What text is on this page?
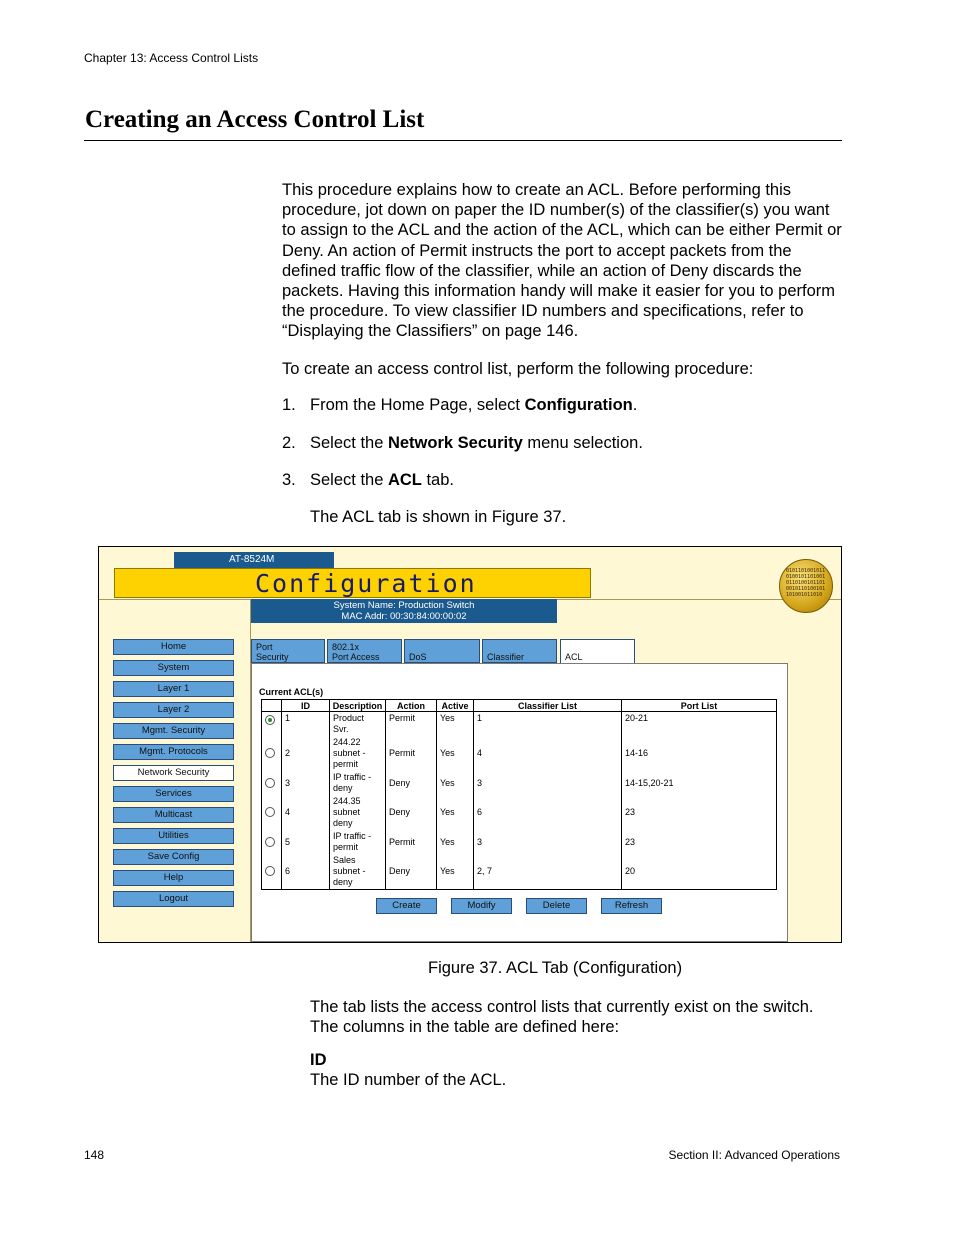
Chapter 13: Access Control Lists
Creating an Access Control List
This procedure explains how to create an ACL. Before performing this procedure, jot down on paper the ID number(s) of the classifier(s) you want to assign to the ACL and the action of the ACL, which can be either Permit or Deny. An action of Permit instructs the port to accept packets from the defined traffic flow of the classifier, while an action of Deny discards the packets. Having this information handy will make it easier for you to perform the procedure. To view classifier ID numbers and specifications, refer to “Displaying the Classifiers” on page 146.
To create an access control list, perform the following procedure:
1. From the Home Page, select Configuration.
2. Select the Network Security menu selection.
3. Select the ACL tab.
The ACL tab is shown in Figure 37.
AT-8524M
Configuration	0101101001011010010110100101101001011010010110100101101001011010
System Name: Production Switch
MAC Addr: 00:30:84:00:00:02
Home
System
Layer 1
Layer 2
Mgmt. Security
Mgmt. Protocols
Network Security
Services
Multicast
Utilities
Save Config
Help
Logout
Port
Security
802.1x
Port Access	DoS	Classifier	ACL
Current ACL(s)
	ID	Description	Action	Active	Classifier List	Port List
	1	Product Svr.	Permit	Yes	1	20-21
	2	244.22 subnet - permit	Permit	Yes	4	14-16
	3	IP traffic - deny	Deny	Yes	3	14-15,20-21
	4	244.35 subnet deny	Deny	Yes	6	23
	5	IP traffic - permit	Permit	Yes	3	23
	6	Sales subnet - deny	Deny	Yes	2, 7	20
Create	Modify	Delete	Refresh
Figure 37. ACL Tab (Configuration)
The tab lists the access control lists that currently exist on the switch. The columns in the table are defined here:
ID
The ID number of the ACL.
148	Section II: Advanced Operations
